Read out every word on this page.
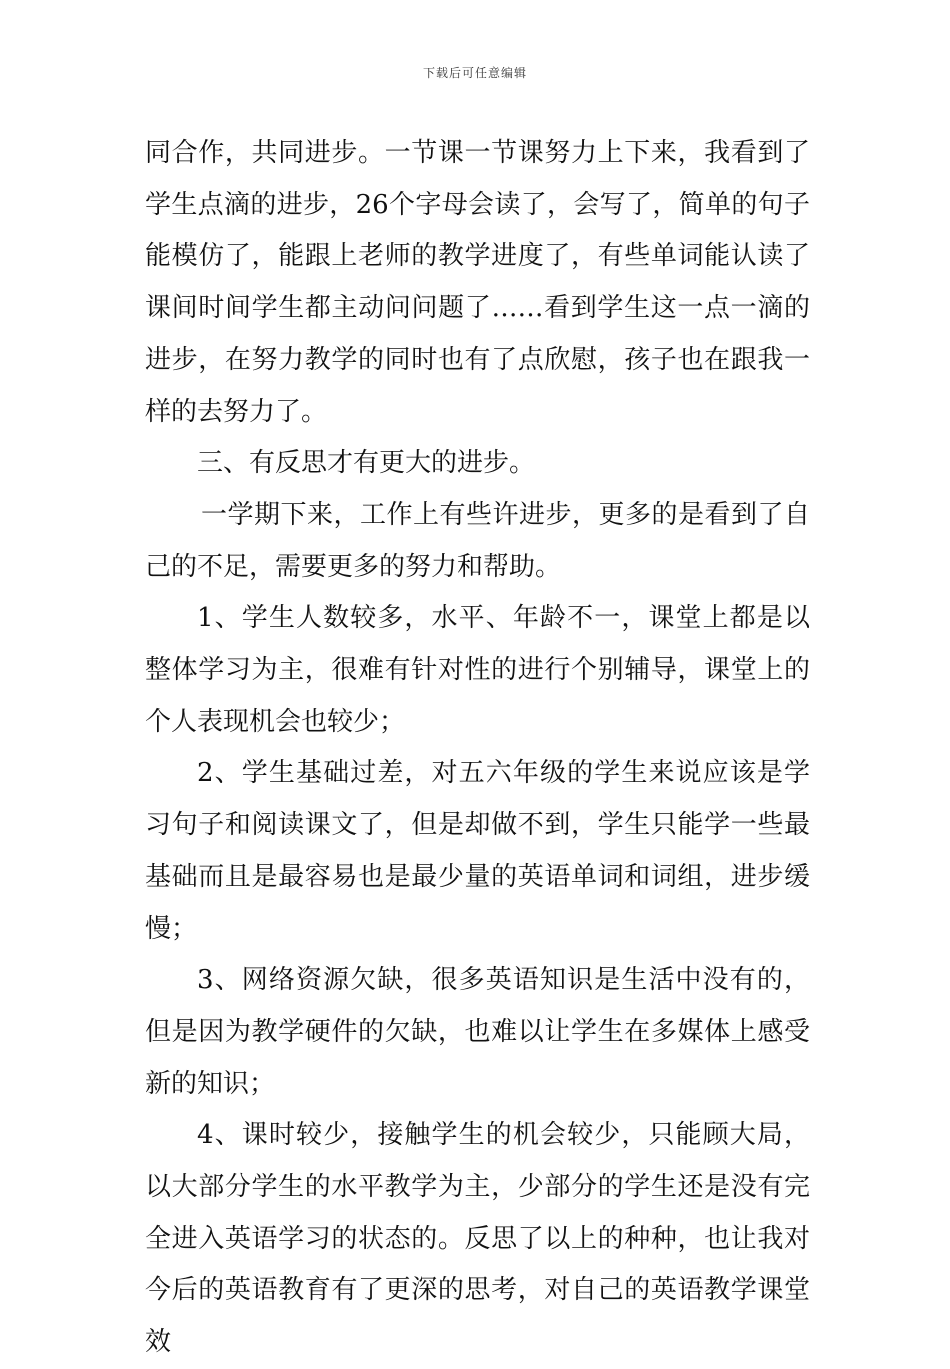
下载后可任意编辑

同合作，共同进步。一节课一节课努力上下来，我看到了学生点滴的进步，26个字母会读了，会写了，简单的句子能模仿了，能跟上老师的教学进度了，有些单词能认读了课间时间学生都主动问问题了……看到学生这一点一滴的进步，在努力教学的同时也有了点欣慰，孩子也在跟我一样的去努力了。

三、有反思才有更大的进步。

一学期下来，工作上有些许进步，更多的是看到了自己的不足，需要更多的努力和帮助。

1、学生人数较多，水平、年龄不一，课堂上都是以整体学习为主，很难有针对性的进行个别辅导，课堂上的个人表现机会也较少；

2、学生基础过差，对五六年级的学生来说应该是学习句子和阅读课文了，但是却做不到，学生只能学一些最基础而且是最容易也是最少量的英语单词和词组，进步缓慢；

3、网络资源欠缺，很多英语知识是生活中没有的，但是因为教学硬件的欠缺，也难以让学生在多媒体上感受新的知识；

4、课时较少，接触学生的机会较少，只能顾大局，以大部分学生的水平教学为主，少部分的学生还是没有完全进入英语学习的状态的。反思了以上的种种，也让我对今后的英语教育有了更深的思考，对自己的英语教学课堂效
